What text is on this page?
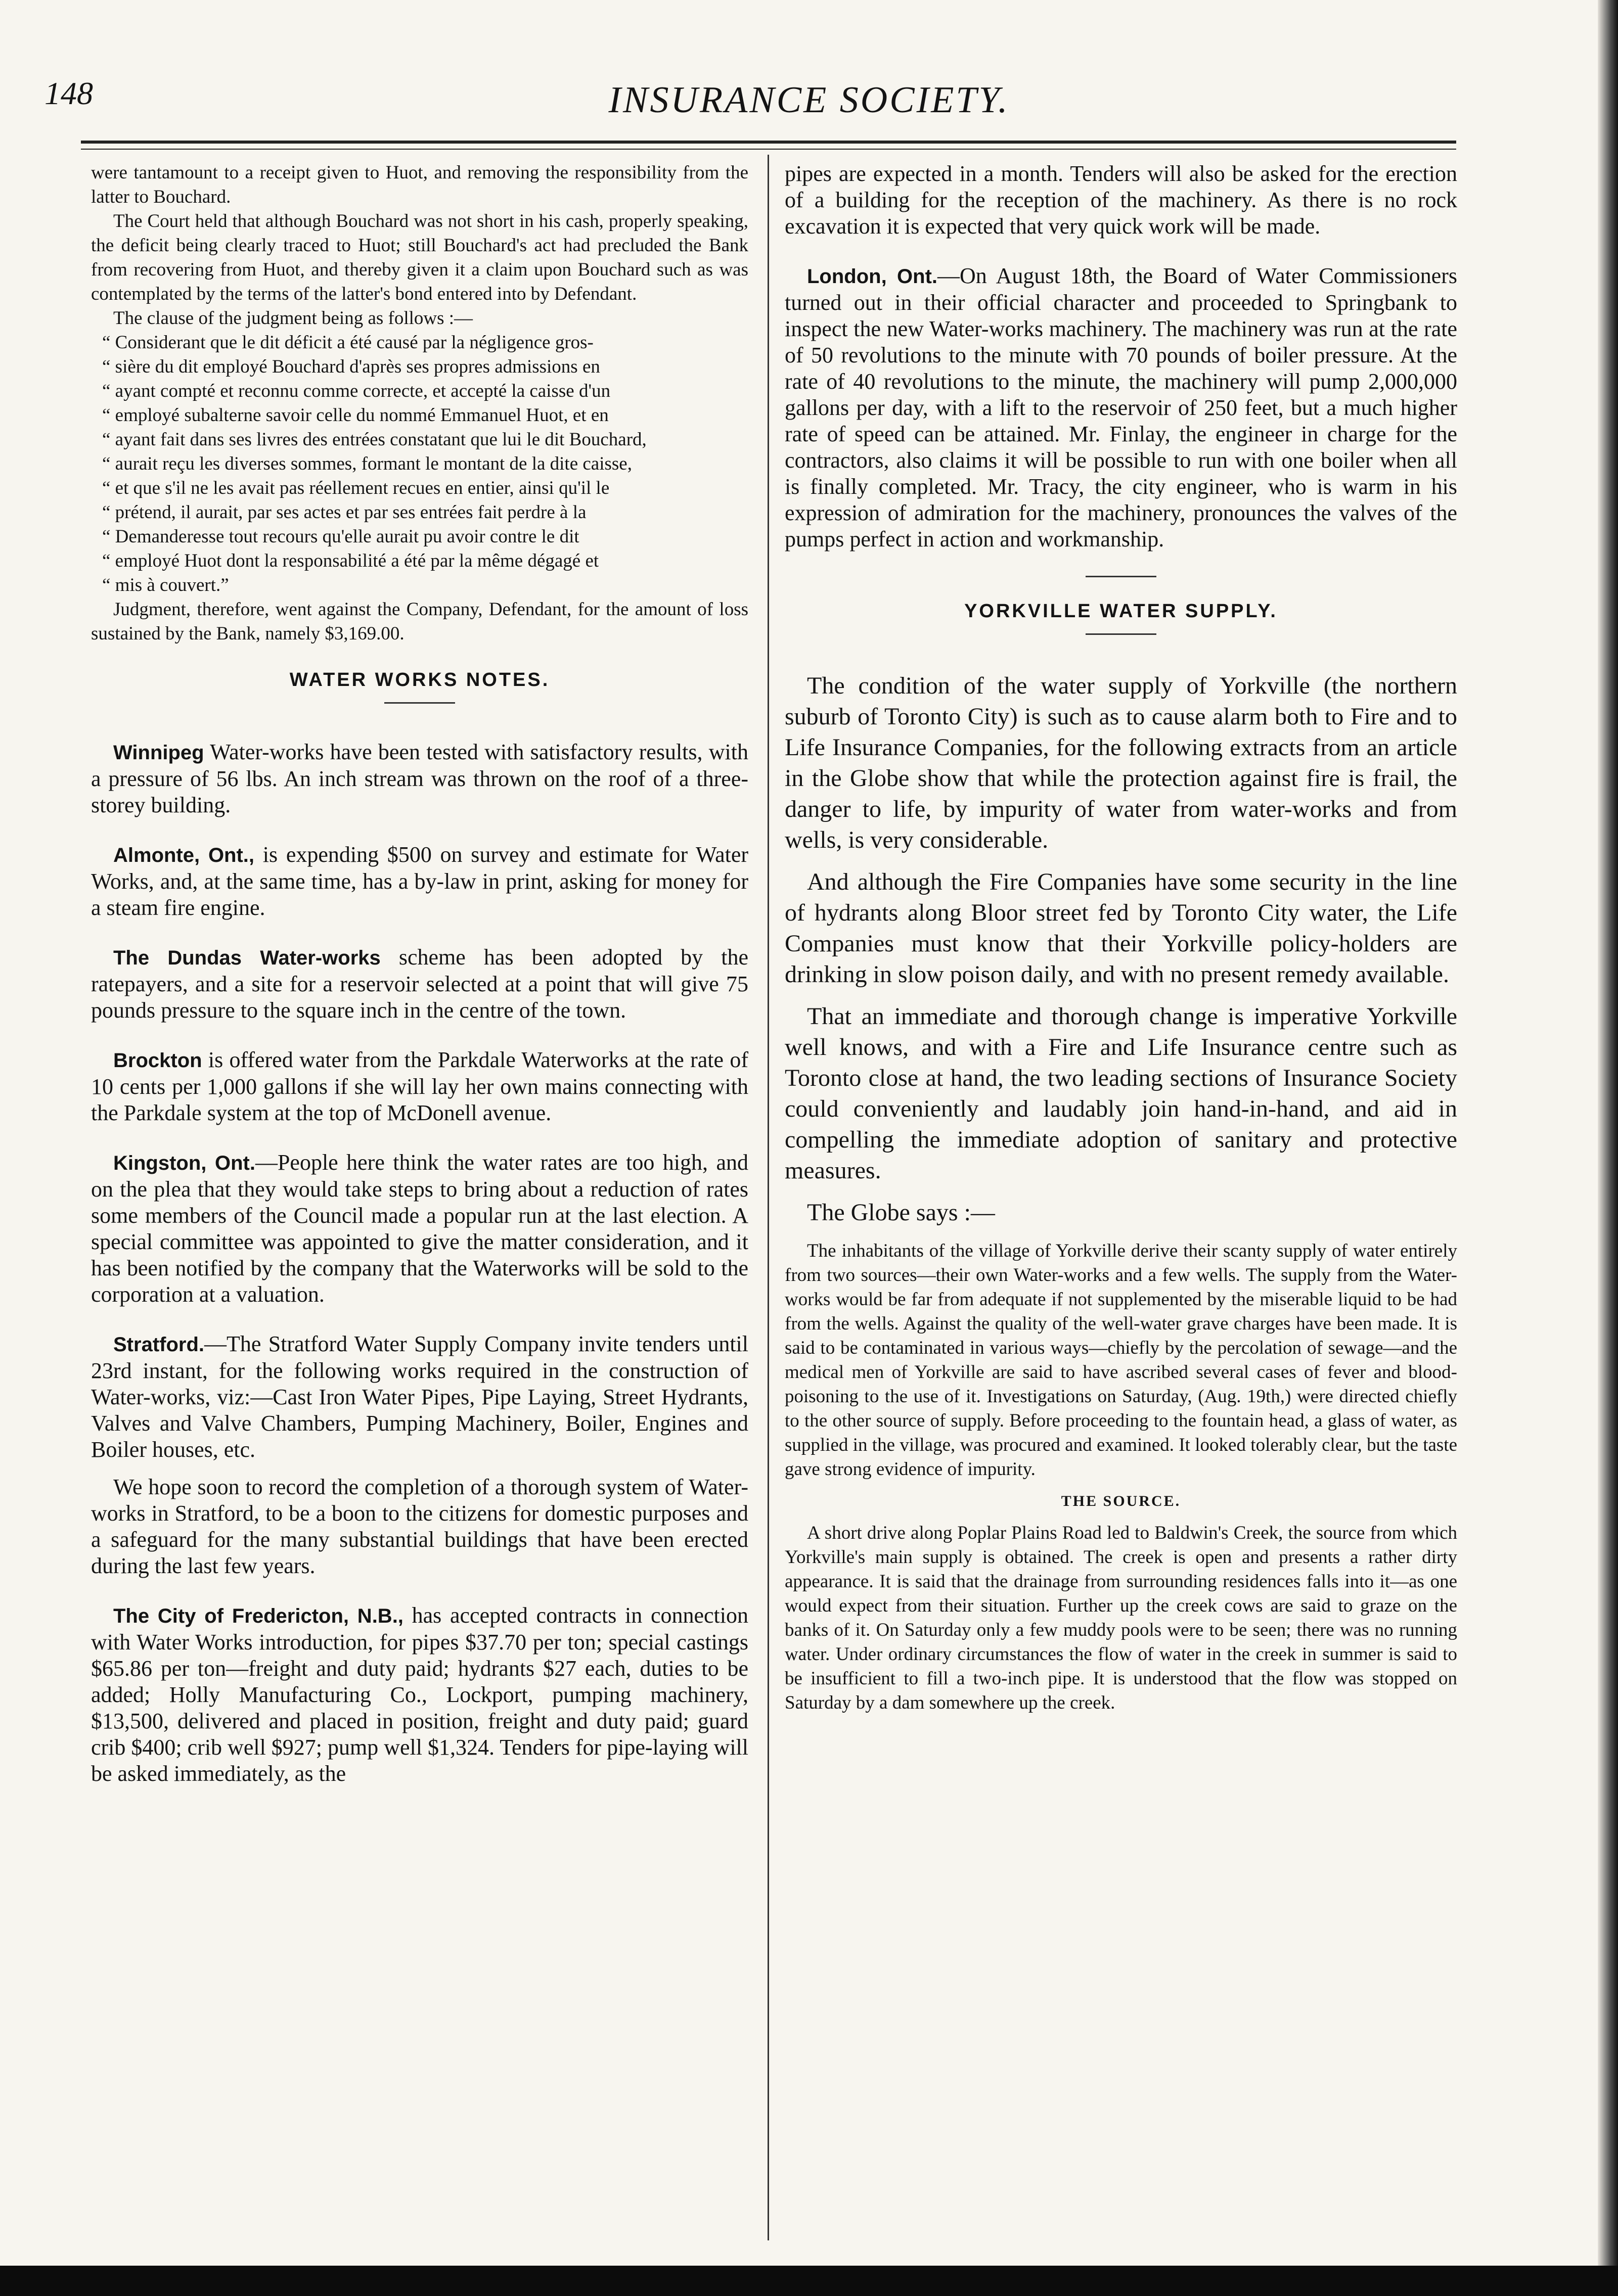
148	INSURANCE SOCIETY.

were tantamount to a receipt given to Huot, and removing the responsibility from the latter to Bouchard.

The Court held that although Bouchard was not short in his cash, properly speaking, the deficit being clearly traced to Huot; still Bouchard's act had precluded the Bank from recovering from Huot, and thereby given it a claim upon Bouchard such as was contemplated by the terms of the latter's bond entered into by Defendant.

The clause of the judgment being as follows :—

“ Considerant que le dit déficit a été causé par la négligence gros-
“ sière du dit employé Bouchard d'après ses propres admissions en
“ ayant compté et reconnu comme correcte, et accepté la caisse d'un
“ employé subalterne savoir celle du nommé Emmanuel Huot, et en
“ ayant fait dans ses livres des entrées constatant que lui le dit Bouchard,
“ aurait reçu les diverses sommes, formant le montant de la dite caisse,
“ et que s'il ne les avait pas réellement recues en entier, ainsi qu'il le
“ prétend, il aurait, par ses actes et par ses entrées fait perdre à la
“ Demanderesse tout recours qu'elle aurait pu avoir contre le dit
“ employé Huot dont la responsabilité a été par la même dégagé et
“ mis à couvert.”

Judgment, therefore, went against the Company, Defendant, for the amount of loss sustained by the Bank, namely $3,169.00.

WATER WORKS NOTES.

Winnipeg Water-works have been tested with satisfactory results, with a pressure of 56 lbs. An inch stream was thrown on the roof of a three-storey building.

Almonte, Ont., is expending $500 on survey and estimate for Water Works, and, at the same time, has a by-law in print, asking for money for a steam fire engine.

The Dundas Water-works scheme has been adopted by the ratepayers, and a site for a reservoir selected at a point that will give 75 pounds pressure to the square inch in the centre of the town.

Brockton is offered water from the Parkdale Waterworks at the rate of 10 cents per 1,000 gallons if she will lay her own mains connecting with the Parkdale system at the top of McDonell avenue.

Kingston, Ont.—People here think the water rates are too high, and on the plea that they would take steps to bring about a reduction of rates some members of the Council made a popular run at the last election. A special committee was appointed to give the matter consideration, and it has been notified by the company that the Waterworks will be sold to the corporation at a valuation.

Stratford.—The Stratford Water Supply Company invite tenders until 23rd instant, for the following works required in the construction of Water-works, viz:—Cast Iron Water Pipes, Pipe Laying, Street Hydrants, Valves and Valve Chambers, Pumping Machinery, Boiler, Engines and Boiler houses, etc.

We hope soon to record the completion of a thorough system of Water-works in Stratford, to be a boon to the citizens for domestic purposes and a safeguard for the many substantial buildings that have been erected during the last few years.

The City of Fredericton, N.B., has accepted contracts in connection with Water Works introduction, for pipes $37.70 per ton; special castings $65.86 per ton—freight and duty paid; hydrants $27 each, duties to be added; Holly Manufacturing Co., Lockport, pumping machinery, $13,500, delivered and placed in position, freight and duty paid; guard crib $400; crib well $927; pump well $1,324. Tenders for pipe-laying will be asked immediately, as the

pipes are expected in a month. Tenders will also be asked for the erection of a building for the reception of the machinery. As there is no rock excavation it is expected that very quick work will be made.

London, Ont.—On August 18th, the Board of Water Commissioners turned out in their official character and proceeded to Springbank to inspect the new Water-works machinery. The machinery was run at the rate of 50 revolutions to the minute with 70 pounds of boiler pressure. At the rate of 40 revolutions to the minute, the machinery will pump 2,000,000 gallons per day, with a lift to the reservoir of 250 feet, but a much higher rate of speed can be attained. Mr. Finlay, the engineer in charge for the contractors, also claims it will be possible to run with one boiler when all is finally completed. Mr. Tracy, the city engineer, who is warm in his expression of admiration for the machinery, pronounces the valves of the pumps perfect in action and workmanship.

YORKVILLE WATER SUPPLY.

The condition of the water supply of Yorkville (the northern suburb of Toronto City) is such as to cause alarm both to Fire and to Life Insurance Companies, for the following extracts from an article in the Globe show that while the protection against fire is frail, the danger to life, by impurity of water from water-works and from wells, is very considerable.

And although the Fire Companies have some security in the line of hydrants along Bloor street fed by Toronto City water, the Life Companies must know that their Yorkville policy-holders are drinking in slow poison daily, and with no present remedy available.

That an immediate and thorough change is imperative Yorkville well knows, and with a Fire and Life Insurance centre such as Toronto close at hand, the two leading sections of Insurance Society could conveniently and laudably join hand-in-hand, and aid in compelling the immediate adoption of sanitary and protective measures.

The Globe says :—

The inhabitants of the village of Yorkville derive their scanty supply of water entirely from two sources—their own Water-works and a few wells. The supply from the Water-works would be far from adequate if not supplemented by the miserable liquid to be had from the wells. Against the quality of the well-water grave charges have been made. It is said to be contaminated in various ways—chiefly by the percolation of sewage—and the medical men of Yorkville are said to have ascribed several cases of fever and blood-poisoning to the use of it. Investigations on Saturday, (Aug. 19th,) were directed chiefly to the other source of supply. Before proceeding to the fountain head, a glass of water, as supplied in the village, was procured and examined. It looked tolerably clear, but the taste gave strong evidence of impurity.

THE SOURCE.

A short drive along Poplar Plains Road led to Baldwin's Creek, the source from which Yorkville's main supply is obtained. The creek is open and presents a rather dirty appearance. It is said that the drainage from surrounding residences falls into it—as one would expect from their situation. Further up the creek cows are said to graze on the banks of it. On Saturday only a few muddy pools were to be seen; there was no running water. Under ordinary circumstances the flow of water in the creek in summer is said to be insufficient to fill a two-inch pipe. It is understood that the flow was stopped on Saturday by a dam somewhere up the creek.
